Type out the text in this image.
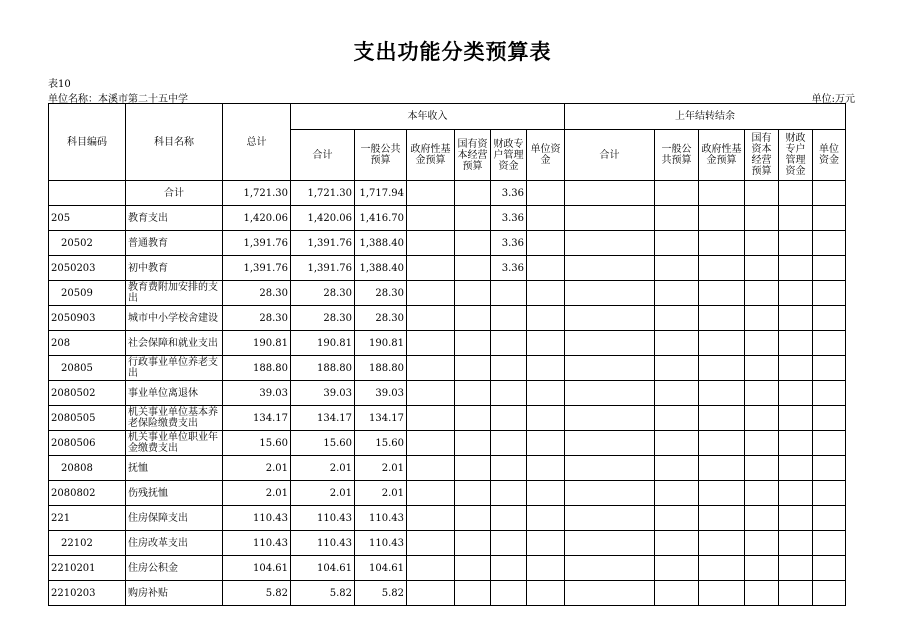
支出功能分类预算表
表10
单位名称：本溪市第二十五中学	单位:万元
科目编码	科目名称	总计	本年收入						上年结转结余					
			合计	一般公共预算	政府性基金预算	国有资本经营预算	财政专户管理资金	单位资金	合计	一般公共预算	政府性基金预算	国有资本经营预算	财政专户管理资金	单位资金
	合计	1,721.30	1,721.30	1,717.94			3.36							
205	教育支出	1,420.06	1,420.06	1,416.70			3.36							
20502	普通教育	1,391.76	1,391.76	1,388.40			3.36							
2050203	初中教育	1,391.76	1,391.76	1,388.40			3.36							
20509	教育费附加安排的支出	28.30	28.30	28.30										
2050903	城市中小学校舍建设	28.30	28.30	28.30										
208	社会保障和就业支出	190.81	190.81	190.81										
20805	行政事业单位养老支出	188.80	188.80	188.80										
2080502	事业单位离退休	39.03	39.03	39.03										
2080505	机关事业单位基本养老保险缴费支出	134.17	134.17	134.17										
2080506	机关事业单位职业年金缴费支出	15.60	15.60	15.60										
20808	抚恤	2.01	2.01	2.01										
2080802	伤残抚恤	2.01	2.01	2.01										
221	住房保障支出	110.43	110.43	110.43										
22102	住房改革支出	110.43	110.43	110.43										
2210201	住房公积金	104.61	104.61	104.61										
2210203	购房补贴	5.82	5.82	5.82										
